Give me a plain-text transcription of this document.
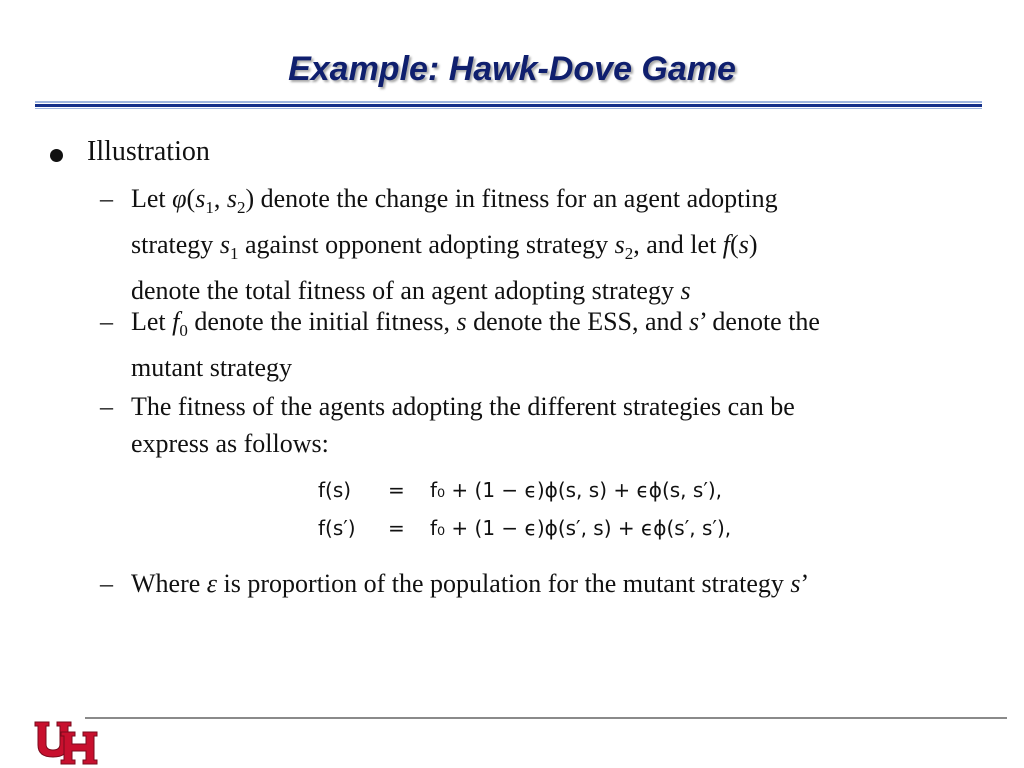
Example: Hawk-Dove Game
Illustration
– Let $\varphi(s_1$, $s_2$) denote the change in fitness for an agent adopting
strategy $s_1$ against opponent adopting strategy $s_2$, and let f(s)
denote the total fitness of an agent adopting strategy s
– Let $f_0$ denote the initial fitness, s denote the ESS, and s’ denote the
mutant strategy
– The fitness of the agents adopting the different strategies can be
express as follows:
f(s)	= f₀ + (1 − ϵ)ϕ(s, s) + ϵϕ(s, s′),
f(s′)	= f₀ + (1 − ϵ)ϕ(s′, s) + ϵϕ(s′, s′),
– Where ε is proportion of the population for the mutant strategy s’
